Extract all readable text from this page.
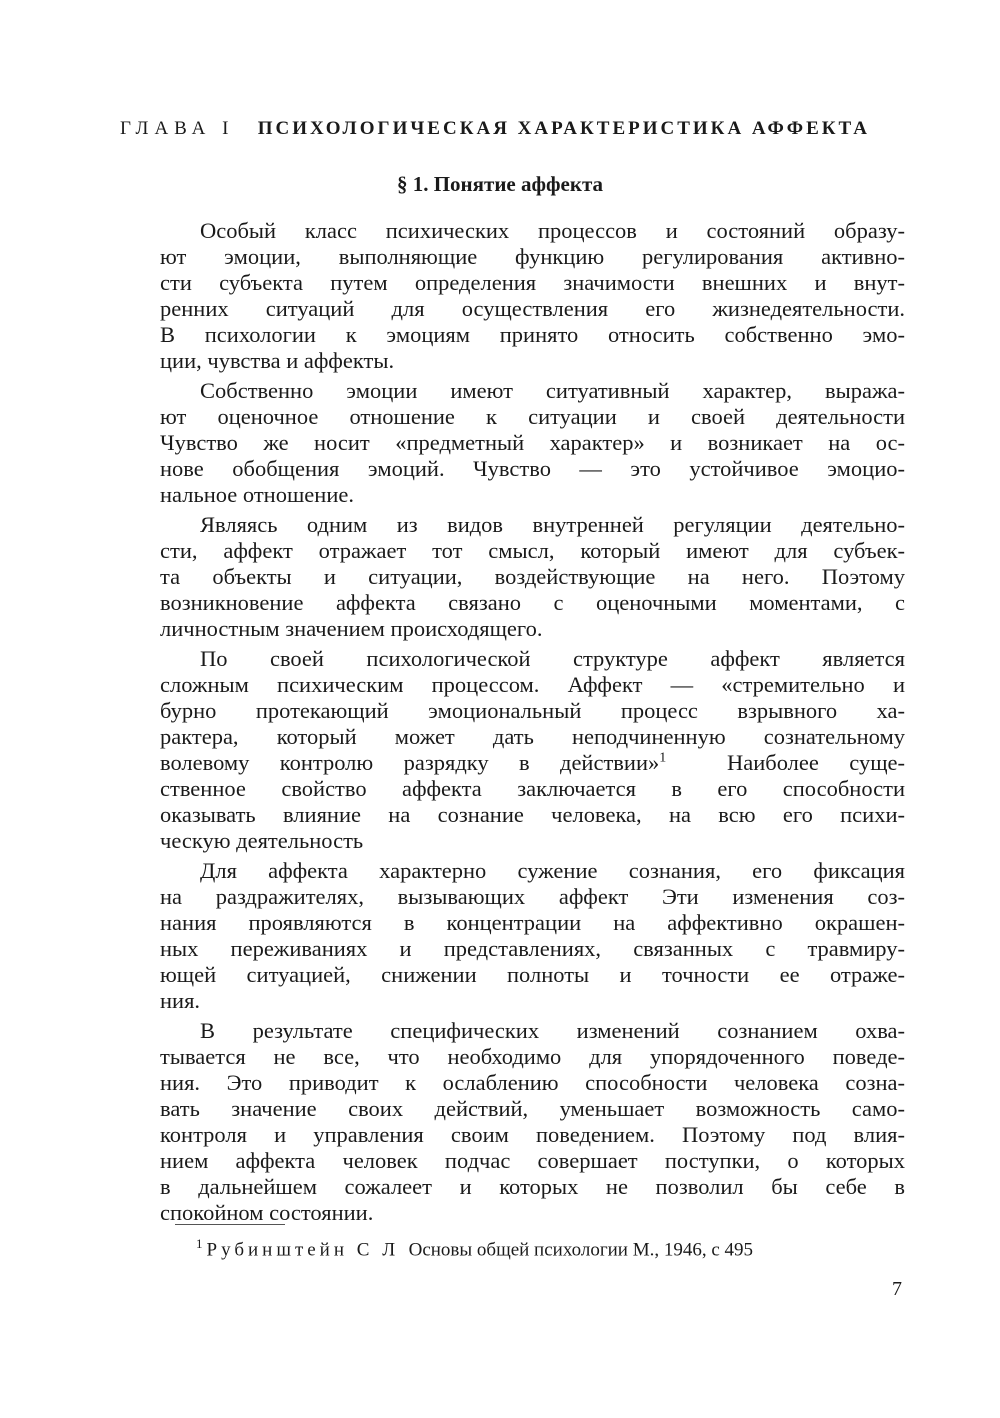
ГЛАВА I ПСИХОЛОГИЧЕСКАЯ ХАРАКТЕРИСТИКА АФФЕКТА
§ 1. Понятие аффекта
Особый класс психических процессов и состояний образу-
ют эмоции, выполняющие функцию регулирования активно-
сти субъекта путем определения значимости внешних и внут-
ренних ситуаций для осуществления его жизнедеятельности.
В психологии к эмоциям принято относить собственно эмо-
ции, чувства и аффекты.
Собственно эмоции имеют ситуативный характер, выража-
ют оценочное отношение к ситуации и своей деятельности
Чувство же носит «предметный характер» и возникает на ос-
нове обобщения эмоций. Чувство — это устойчивое эмоцио-
нальное отношение.
Являясь одним из видов внутренней регуляции деятельно-
сти, аффект отражает тот смысл, который имеют для субъек-
та объекты и ситуации, воздействующие на него. Поэтому
возникновение аффекта связано с оценочными моментами, с
личностным значением происходящего.
По своей психологической структуре аффект является
сложным психическим процессом. Аффект — «стремительно и
бурно протекающий эмоциональный процесс взрывного ха-
рактера, который может дать неподчиненную сознательному
волевому контролю разрядку в действии»$^1$	Наиболее суще-
ственное свойство аффекта заключается в его способности
оказывать влияние на сознание человека, на всю его психи-
ческую деятельность
Для аффекта характерно сужение сознания, его фиксация
на раздражителях, вызывающих аффект Эти изменения соз-
нания проявляются в концентрации на аффективно окрашен-
ных переживаниях и представлениях, связанных с травмиру-
ющей ситуацией, снижении полноты и точности ее отраже-
ния.
В результате специфических изменений сознанием охва-
тывается не все, что необходимо для упорядоченного поведе-
ния. Это приводит к ослаблению способности человека созна-
вать значение своих действий, уменьшает возможность само-
контроля и управления своим поведением. Поэтому под влия-
нием аффекта человек подчас совершает поступки, о которых
в дальнейшем сожалеет и которых не позволил бы себе в
спокойном состоянии.
$^1$ Рубинштейн С Л Основы общей психологии М., 1946, с 495
7
